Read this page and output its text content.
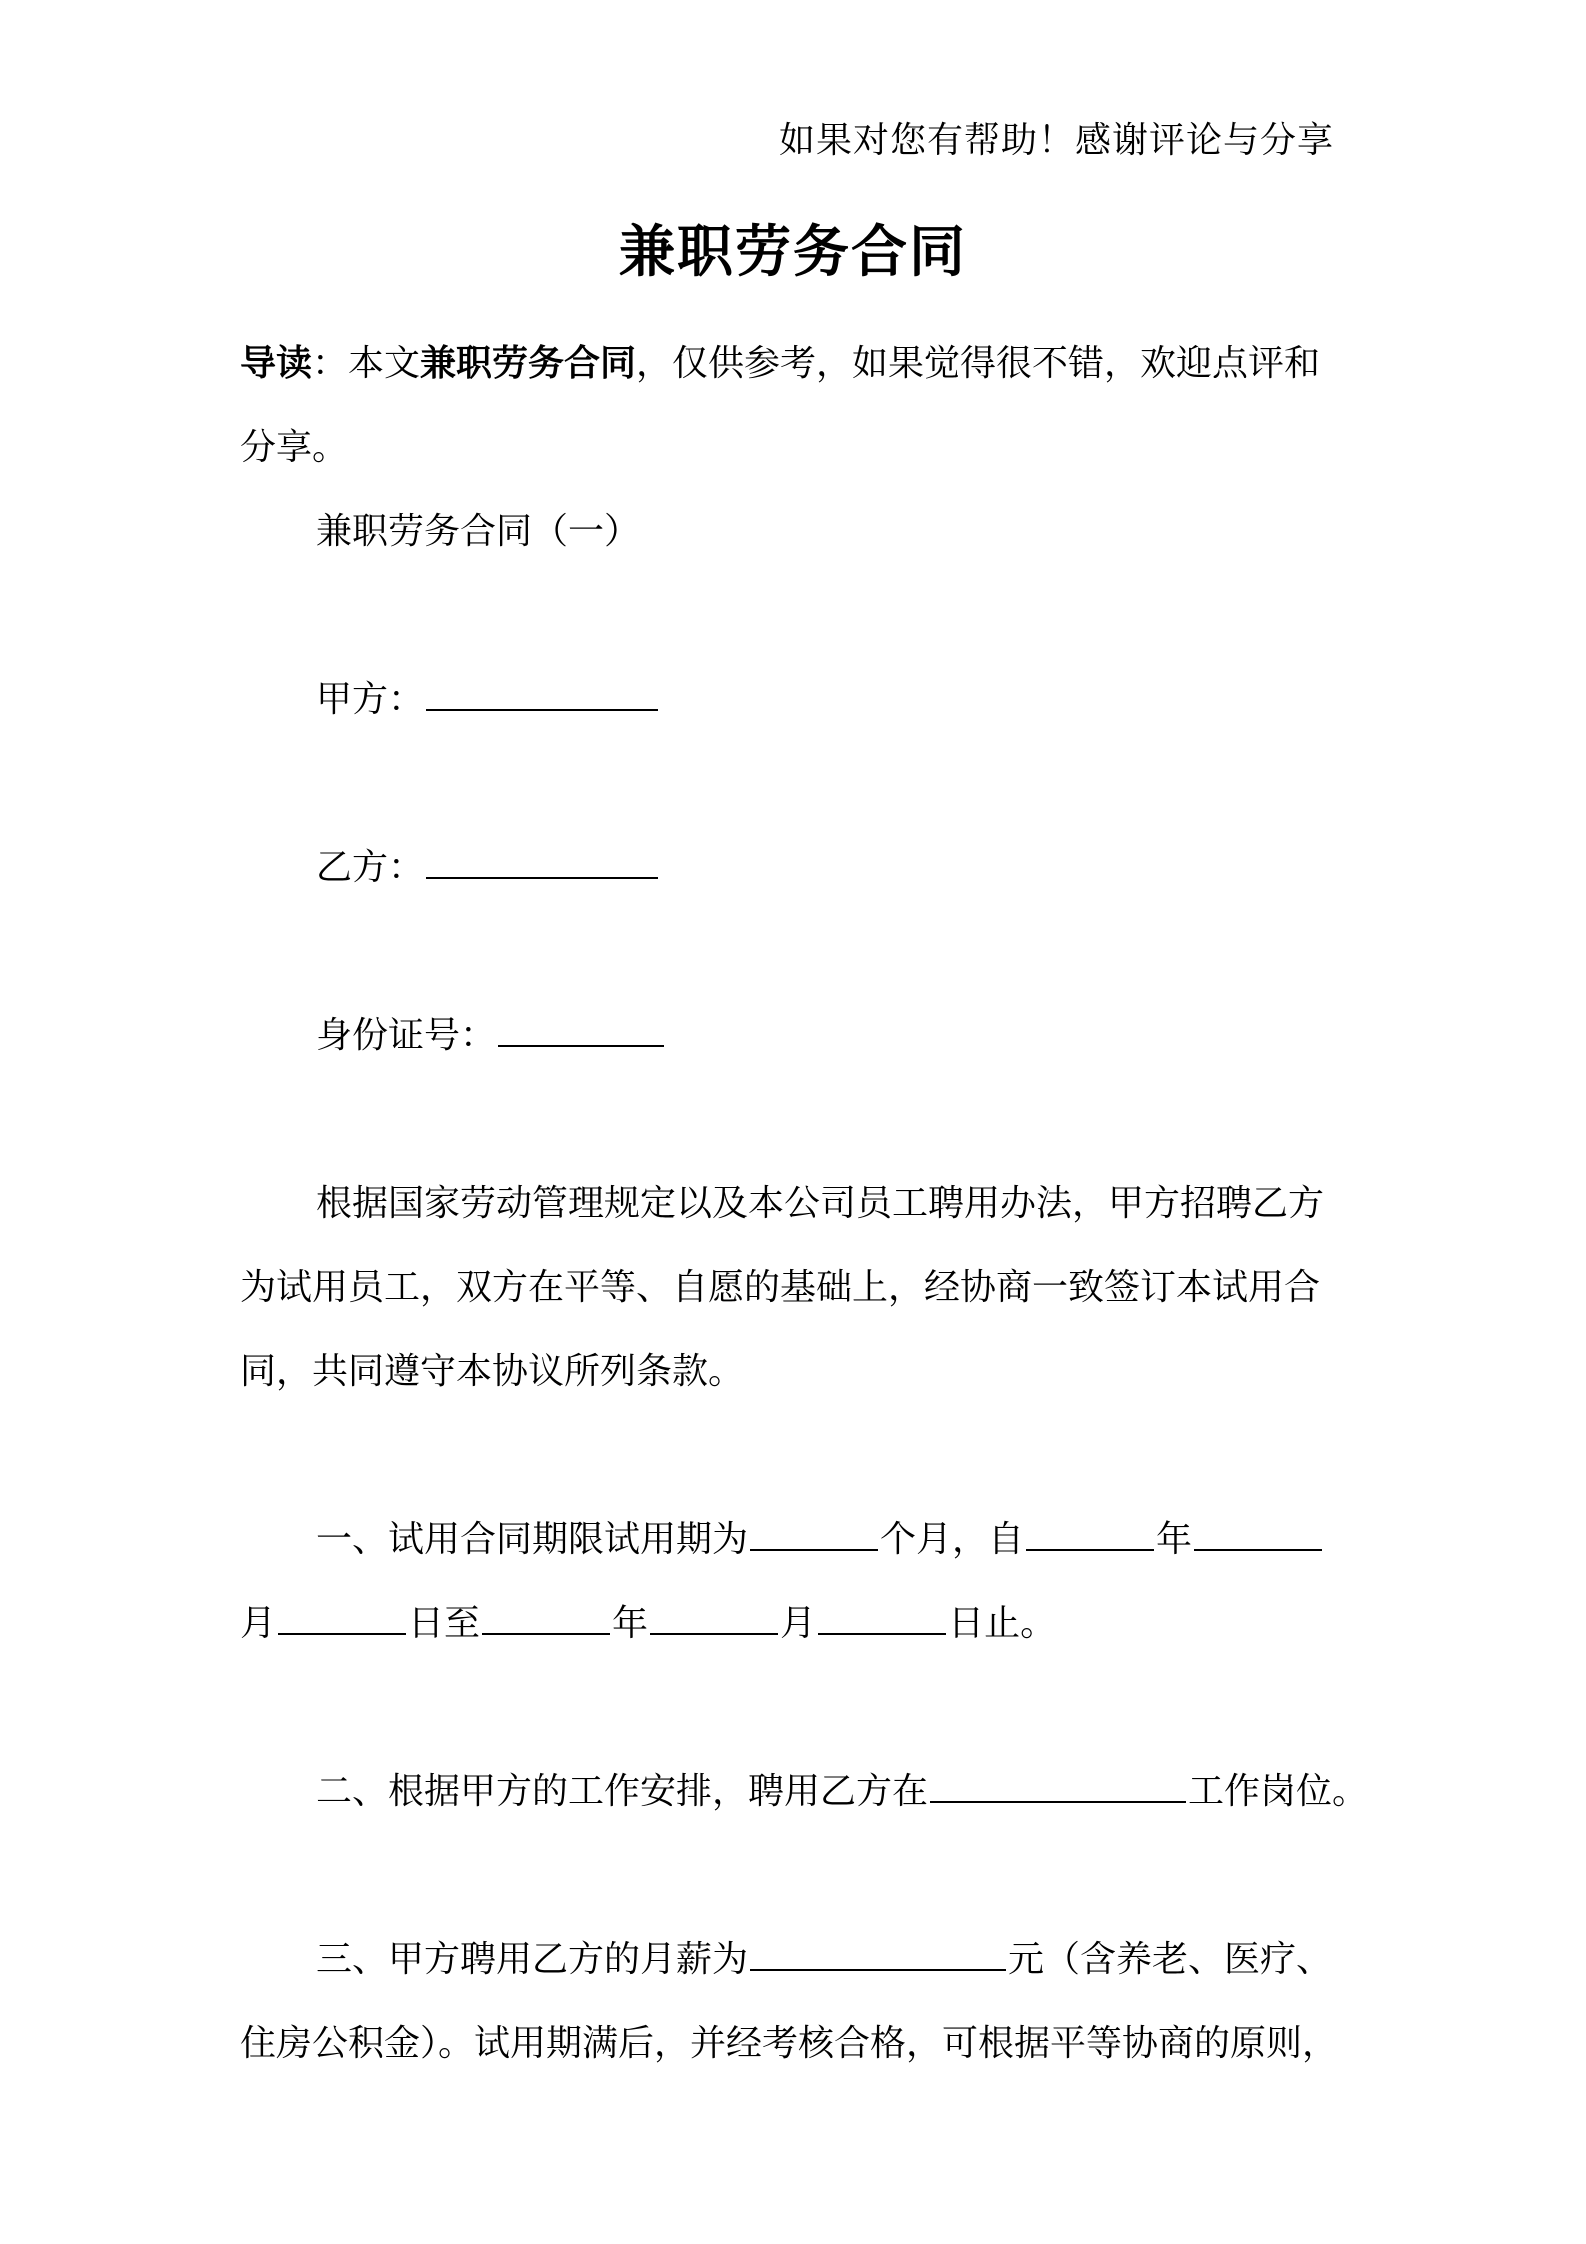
如果对您有帮助！感谢评论与分享
兼职劳务合同
导读：本文兼职劳务合同，仅供参考，如果觉得很不错，欢迎点评和
分享。
兼职劳务合同（一）
甲方：
乙方：
身份证号：
根据国家劳动管理规定以及本公司员工聘用办法，甲方招聘乙方
为试用员工，双方在平等、自愿的基础上，经协商一致签订本试用合
同，共同遵守本协议所列条款。
一、试用合同期限试用期为	个月，自	年
月	日至	年	月	日止。
二、根据甲方的工作安排，聘用乙方在	工作岗位。
三、甲方聘用乙方的月薪为	元（含养老、医疗、
住房公积金）。试用期满后，并经考核合格，可根据平等协商的原则，
